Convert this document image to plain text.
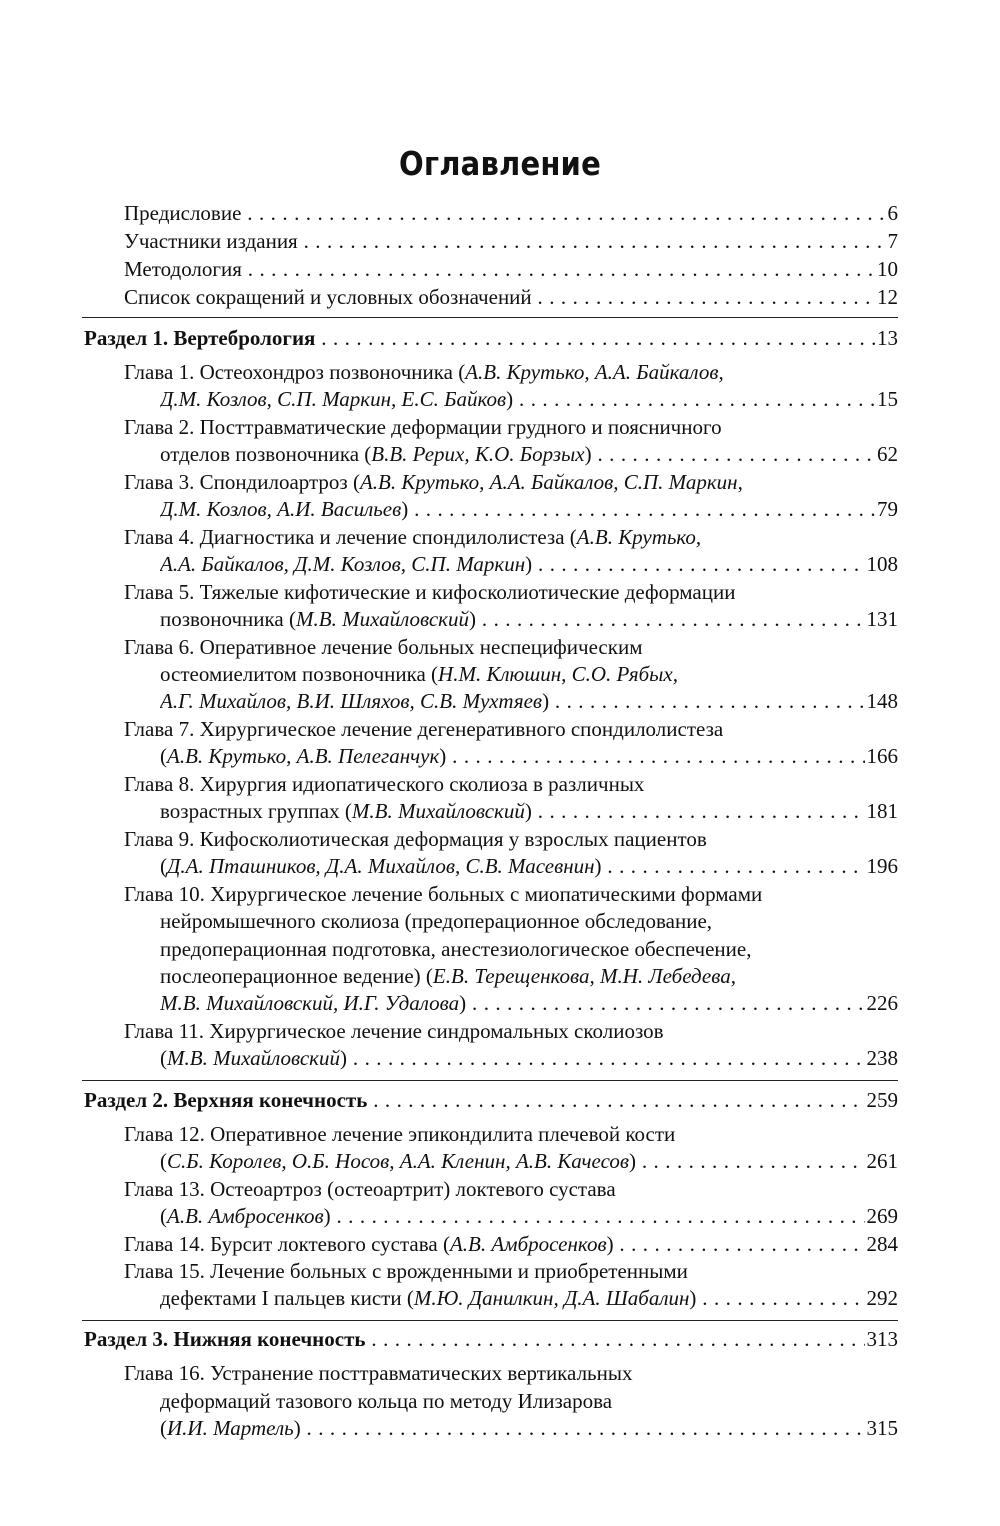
Оглавление
Предисловие . . .	6
Участники издания . . .	7
Методология . . .	10
Список сокращений и условных обозначений . . .	12
Раздел 1. Вертебрология . . .	13
Глава 1. Остеохондроз позвоночника (А.В. Крутько, А.А. Байкалов,
Д.М. Козлов, С.П. Маркин, Е.С. Байков) . . .	15
Глава 2. Посттравматические деформации грудного и поясничного
отделов позвоночника (В.В. Рерих, К.О. Борзых) . . .	62
Глава 3. Спондилоартроз (А.В. Крутько, А.А. Байкалов, С.П. Маркин,
Д.М. Козлов, А.И. Васильев) . . .	79
Глава 4. Диагностика и лечение спондилолистеза (А.В. Крутько,
А.А. Байкалов, Д.М. Козлов, С.П. Маркин) . . .	108
Глава 5. Тяжелые кифотические и кифосколиотические деформации
позвоночника (М.В. Михайловский) . . .	131
Глава 6. Оперативное лечение больных неспецифическим
остеомиелитом позвоночника (Н.М. Клюшин, С.О. Рябых,
А.Г. Михайлов, В.И. Шляхов, С.В. Мухтяев) . . .	148
Глава 7. Хирургическое лечение дегенеративного спондилолистеза
(А.В. Крутько, А.В. Пелеганчук) . . .	166
Глава 8. Хирургия идиопатического сколиоза в различных
возрастных группах (М.В. Михайловский) . . .	181
Глава 9. Кифосколиотическая деформация у взрослых пациентов
(Д.А. Пташников, Д.А. Михайлов, С.В. Масевнин) . . .	196
Глава 10. Хирургическое лечение больных с миопатическими формами
нейромышечного сколиоза (предоперационное обследование,
предоперационная подготовка, анестезиологическое обеспечение,
послеоперационное ведение) (Е.В. Терещенкова, М.Н. Лебедева,
М.В. Михайловский, И.Г. Удалова) . . .	226
Глава 11. Хирургическое лечение синдромальных сколиозов
(М.В. Михайловский) . . .	238
Раздел 2. Верхняя конечность . . .	259
Глава 12. Оперативное лечение эпикондилита плечевой кости
(С.Б. Королев, О.Б. Носов, А.А. Кленин, А.В. Качесов) . . .	261
Глава 13. Остеоартроз (остеоартрит) локтевого сустава
(А.В. Амбросенков) . . .	269
Глава 14. Бурсит локтевого сустава (А.В. Амбросенков) . . .	284
Глава 15. Лечение больных с врожденными и приобретенными
дефектами I пальцев кисти (М.Ю. Данилкин, Д.А. Шабалин) . . .	292
Раздел 3. Нижняя конечность . . .	313
Глава 16. Устранение посттравматических вертикальных
деформаций тазового кольца по методу Илизарова
(И.И. Мартель) . . .	315
